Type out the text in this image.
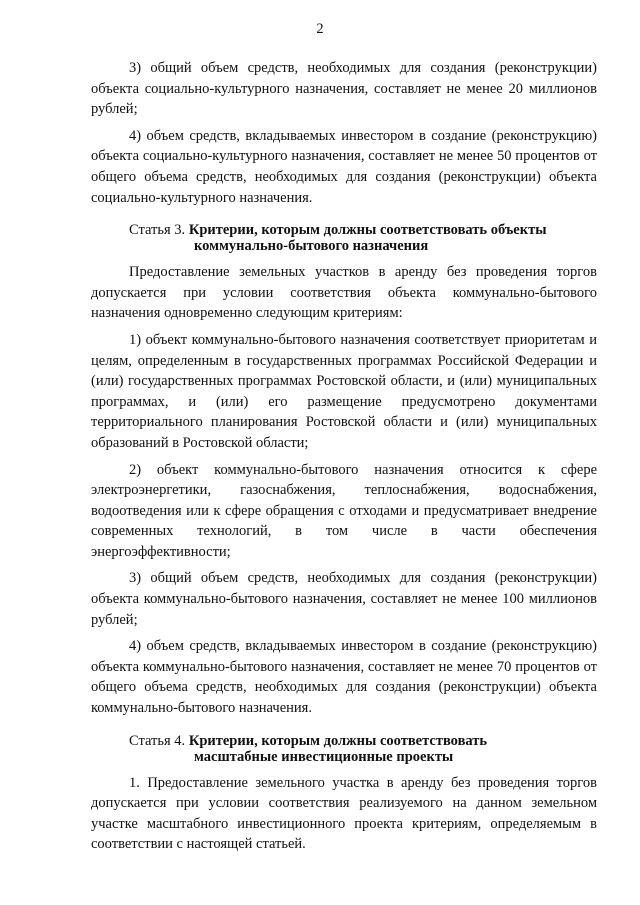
2

3) общий объем средств, необходимых для создания (реконструкции) объекта социально-культурного назначения, составляет не менее 20 миллионов рублей;

4) объем средств, вкладываемых инвестором в создание (реконструкцию) объекта социально-культурного назначения, составляет не менее 50 процентов от общего объема средств, необходимых для создания (реконструкции) объекта социально-культурного назначения.

Статья 3. Критерии, которым должны соответствовать объекты
коммунально-бытового назначения

Предоставление земельных участков в аренду без проведения торгов допускается при условии соответствия объекта коммунально-бытового назначения одновременно следующим критериям:

1) объект коммунально-бытового назначения соответствует приоритетам и целям, определенным в государственных программах Российской Федерации и (или) государственных программах Ростовской области, и (или) муниципальных программах, и (или) его размещение предусмотрено документами территориального планирования Ростовской области и (или) муниципальных образований в Ростовской области;

2) объект коммунально-бытового назначения относится к сфере электроэнергетики, газоснабжения, теплоснабжения, водоснабжения, водоотведения или к сфере обращения с отходами и предусматривает внедрение современных технологий, в том числе в части обеспечения энергоэффективности;

3) общий объем средств, необходимых для создания (реконструкции) объекта коммунально-бытового назначения, составляет не менее 100 миллионов рублей;

4) объем средств, вкладываемых инвестором в создание (реконструкцию) объекта коммунально-бытового назначения, составляет не менее 70 процентов от общего объема средств, необходимых для создания (реконструкции) объекта коммунально-бытового назначения.

Статья 4. Критерии, которым должны соответствовать
масштабные инвестиционные проекты

1. Предоставление земельного участка в аренду без проведения торгов допускается при условии соответствия реализуемого на данном земельном участке масштабного инвестиционного проекта критериям, определяемым в соответствии с настоящей статьей.
